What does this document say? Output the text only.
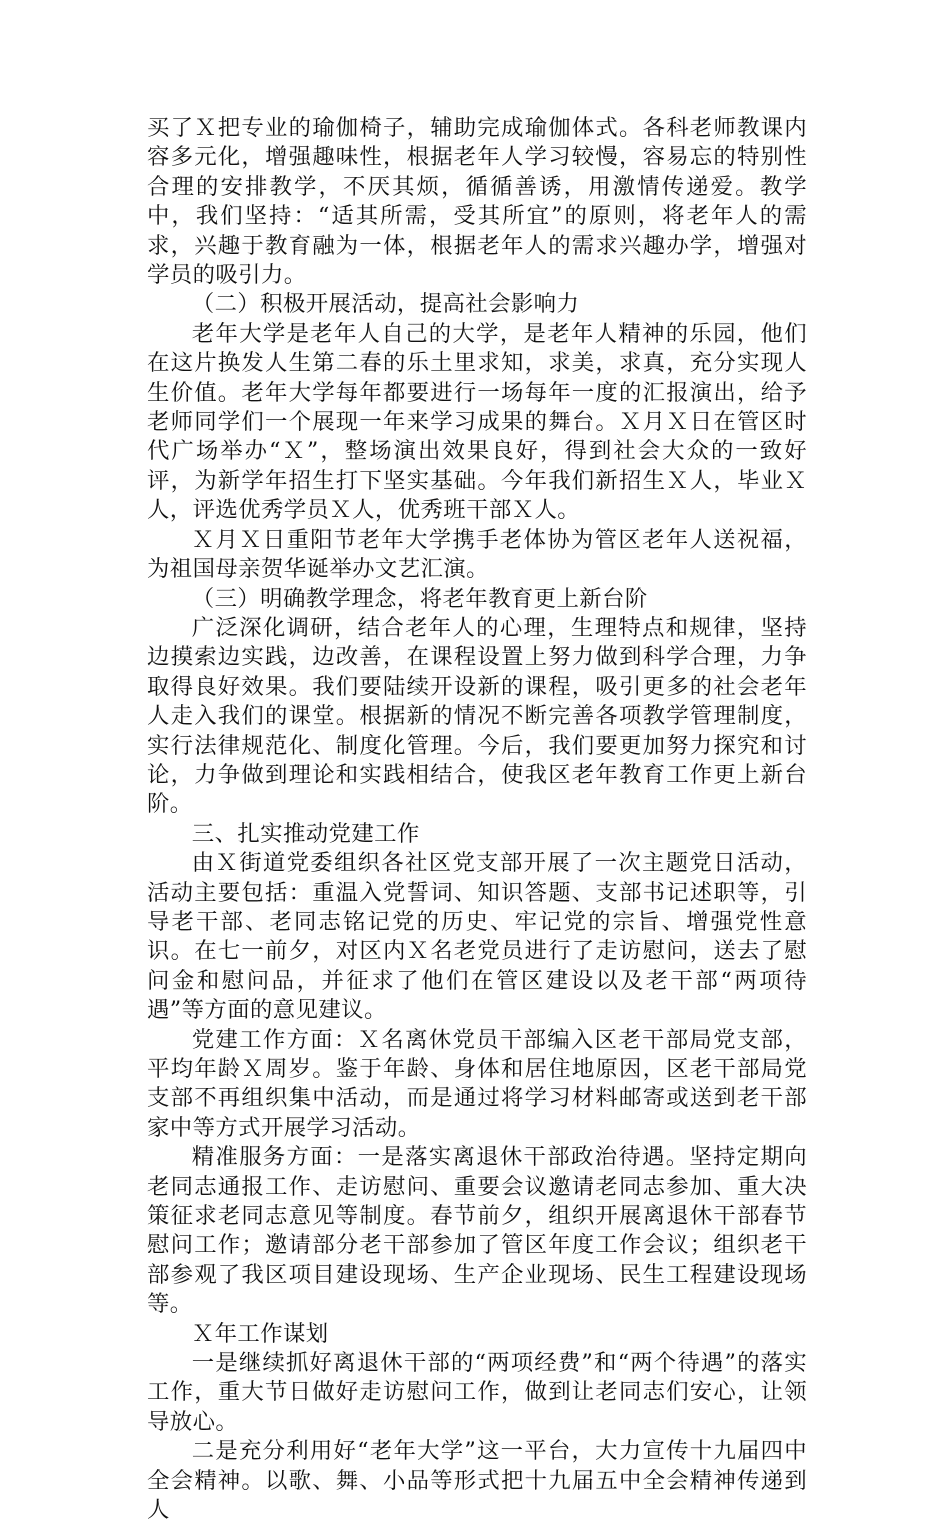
买了Ｘ把专业的瑜伽椅子，辅助完成瑜伽体式。各科老师教课内容多元化，增强趣味性，根据老年人学习较慢，容易忘的特别性合理的安排教学，不厌其烦，循循善诱，用激情传递爱。教学中，我们坚持：“适其所需，受其所宜”的原则，将老年人的需求，兴趣于教育融为一体，根据老年人的需求兴趣办学，增强对学员的吸引力。

（二）积极开展活动，提高社会影响力

老年大学是老年人自己的大学，是老年人精神的乐园，他们在这片换发人生第二春的乐土里求知，求美，求真，充分实现人生价值。老年大学每年都要进行一场每年一度的汇报演出，给予老师同学们一个展现一年来学习成果的舞台。Ｘ月Ｘ日在管区时代广场举办“Ｘ”，整场演出效果良好，得到社会大众的一致好评，为新学年招生打下坚实基础。今年我们新招生Ｘ人，毕业Ｘ人，评选优秀学员Ｘ人，优秀班干部Ｘ人。

Ｘ月Ｘ日重阳节老年大学携手老体协为管区老年人送祝福，为祖国母亲贺华诞举办文艺汇演。

（三）明确教学理念，将老年教育更上新台阶

广泛深化调研，结合老年人的心理，生理特点和规律，坚持边摸索边实践，边改善，在课程设置上努力做到科学合理，力争取得良好效果。我们要陆续开设新的课程，吸引更多的社会老年人走入我们的课堂。根据新的情况不断完善各项教学管理制度，实行法律规范化、制度化管理。今后，我们要更加努力探究和讨论，力争做到理论和实践相结合，使我区老年教育工作更上新台阶。

三、扎实推动党建工作

由Ｘ街道党委组织各社区党支部开展了一次主题党日活动，活动主要包括：重温入党誓词、知识答题、支部书记述职等，引导老干部、老同志铭记党的历史、牢记党的宗旨、增强党性意识。在七一前夕，对区内Ｘ名老党员进行了走访慰问，送去了慰问金和慰问品，并征求了他们在管区建设以及老干部“两项待遇”等方面的意见建议。

党建工作方面：Ｘ名离休党员干部编入区老干部局党支部，平均年龄Ｘ周岁。鉴于年龄、身体和居住地原因，区老干部局党支部不再组织集中活动，而是通过将学习材料邮寄或送到老干部家中等方式开展学习活动。

精准服务方面：一是落实离退休干部政治待遇。坚持定期向老同志通报工作、走访慰问、重要会议邀请老同志参加、重大决策征求老同志意见等制度。春节前夕，组织开展离退休干部春节慰问工作；邀请部分老干部参加了管区年度工作会议；组织老干部参观了我区项目建设现场、生产企业现场、民生工程建设现场等。

Ｘ年工作谋划

一是继续抓好离退休干部的“两项经费”和“两个待遇”的落实工作，重大节日做好走访慰问工作，做到让老同志们安心，让领导放心。

二是充分利用好“老年大学”这一平台，大力宣传十九届四中全会精神。以歌、舞、小品等形式把十九届五中全会精神传递到人
